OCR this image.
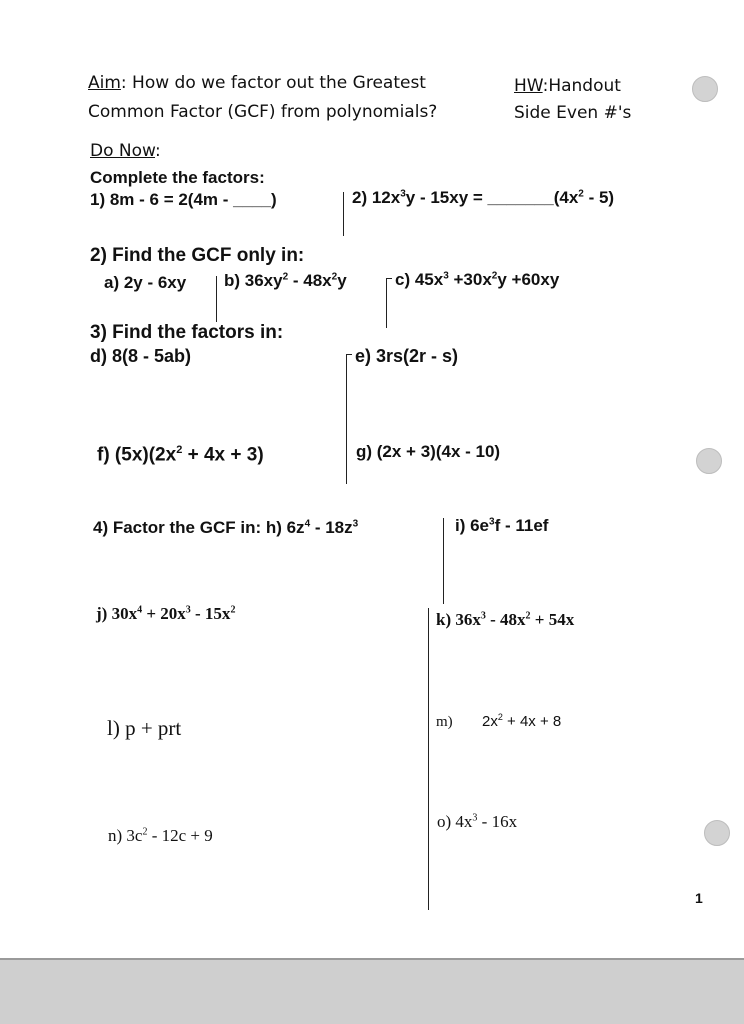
Aim: How do we factor out the Greatest
Common Factor (GCF) from polynomials?
HW:Handout
Side Even #'s
Do Now:
Complete the factors:
1) 8m - 6 = 2(4m - ____)	2) $12x^3y - 15xy$ = $\_\_\_\_\_\_\_(4x^2 - 5)$
2) Find the GCF only in:
a) 2y - 6xy b) $36xy^2 - 48x^2y$	c) $45x^3 +30x^2y +60xy$
3) Find the factors in:
d) 8(8 - 5ab)	e) 3rs(2r - s)
f) $(5x)(2x^2 + 4x + 3)$	g) (2x + 3)(4x - 10)
4) Factor the GCF in: h) $6z^4 - 18z^3$	i) $6e^3f - 11ef$
j) $30x^4 + 20x^3 - 15x^2$
k) $36x^3 - 48x^2 + 54x$
l) p + prt	m) $2x^2 + 4x + 8$
n) $3c^2 - 12c + 9$
o) $4x^3 - 16x$
1
